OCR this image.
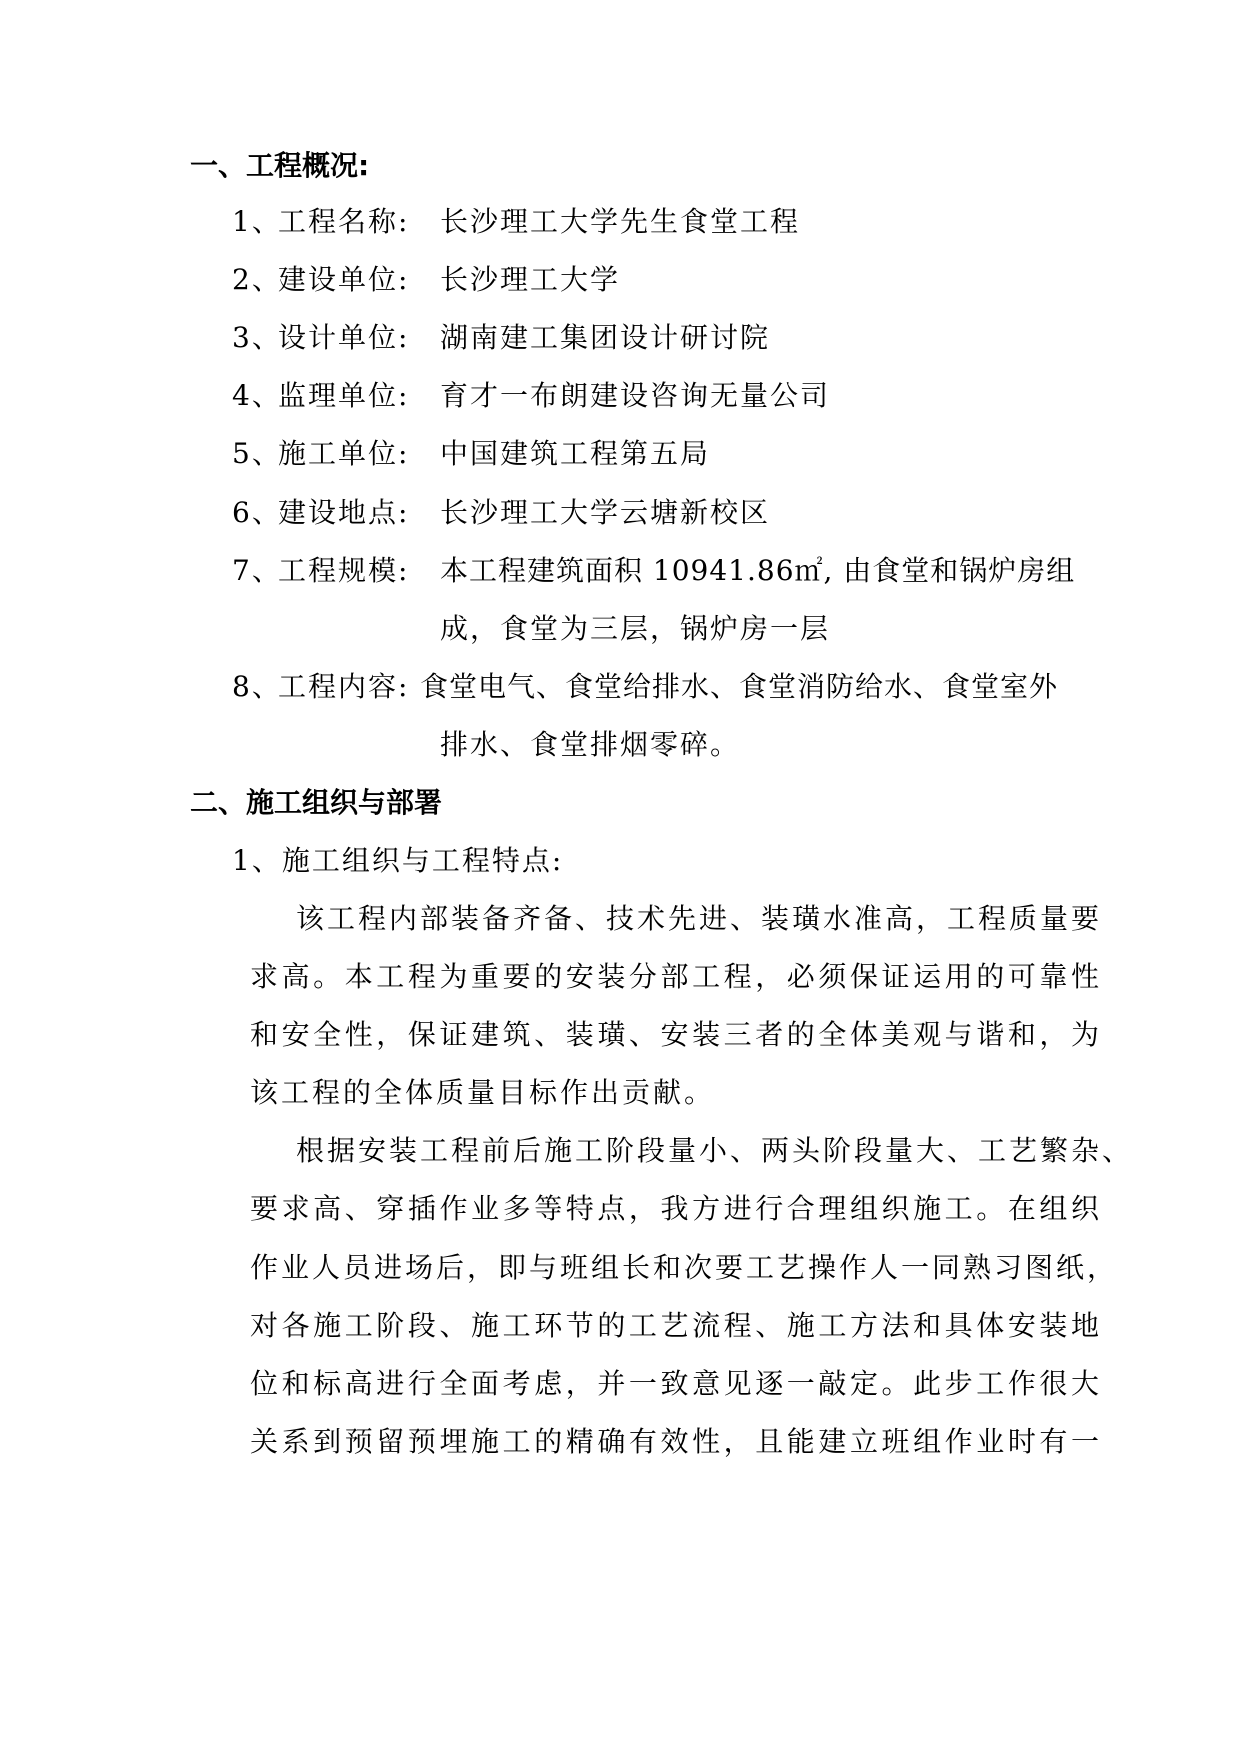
一、工程概况:
1、工程名称: 长沙理工大学先生食堂工程
2、建设单位: 长沙理工大学
3、设计单位: 湖南建工集团设计研讨院
4、监理单位: 育才一布朗建设咨询无量公司
5、施工单位: 中国建筑工程第五局
6、建设地点: 长沙理工大学云塘新校区
7、工程规模: 本工程建筑面积 10941.86㎡, 由食堂和锅炉房组
成，食堂为三层，锅炉房一层
8、工程内容: 食堂电气、食堂给排水、食堂消防给水、食堂室外
排水、食堂排烟零碎。
二、施工组织与部署
1、施工组织与工程特点:
该工程内部装备齐备、技术先进、装璜水准高，工程质量要
求高。本工程为重要的安装分部工程，必须保证运用的可靠性
和安全性，保证建筑、装璜、安装三者的全体美观与谐和，为
该工程的全体质量目标作出贡献。
根据安装工程前后施工阶段量小、两头阶段量大、工艺繁杂、
要求高、穿插作业多等特点，我方进行合理组织施工。在组织
作业人员进场后，即与班组长和次要工艺操作人一同熟习图纸，
对各施工阶段、施工环节的工艺流程、施工方法和具体安装地
位和标高进行全面考虑，并一致意见逐一敲定。此步工作很大
关系到预留预埋施工的精确有效性，且能建立班组作业时有一
